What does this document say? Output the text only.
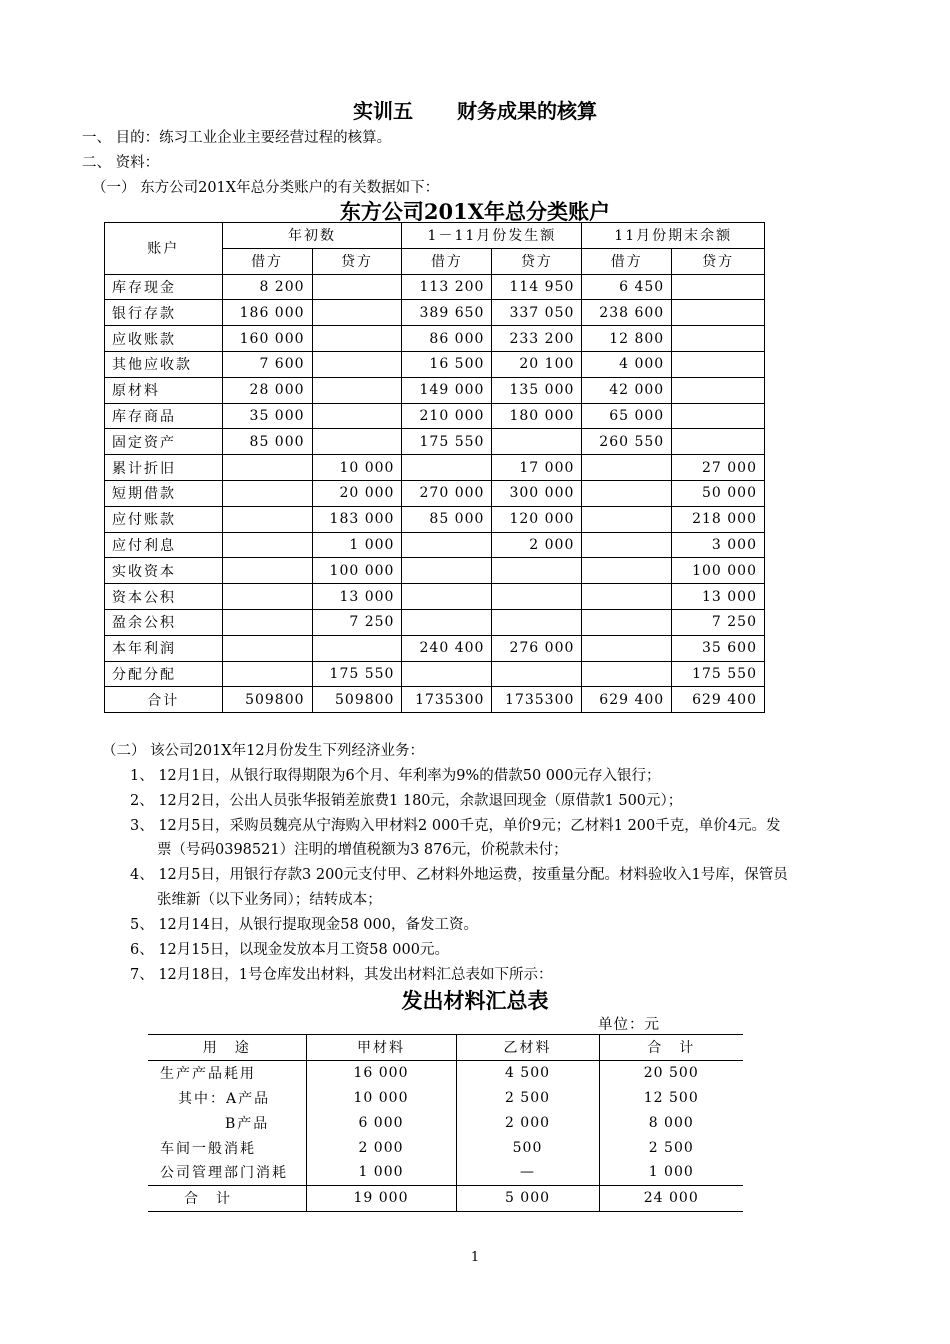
实训五 财务成果的核算
一、 目的：练习工业企业主要经营过程的核算。
二、 资料：
（一） 东方公司201X年总分类账户的有关数据如下：
东方公司201X年总分类账户
账户	年初数		1－11月份发生额		11月份期末余额	
	借方	贷方	借方	贷方	借方	贷方
库存现金	8 200		113 200	114 950	6 450	
银行存款	186 000		389 650	337 050	238 600	
应收账款	160 000		86 000	233 200	12 800	
其他应收款	7 600		16 500	20 100	4 000	
原材料	28 000		149 000	135 000	42 000	
库存商品	35 000		210 000	180 000	65 000	
固定资产	85 000		175 550		260 550	
累计折旧		10 000		17 000		27 000
短期借款		20 000	270 000	300 000		50 000
应付账款		183 000	85 000	120 000		218 000
应付利息		1 000		2 000		3 000
实收资本		100 000				100 000
资本公积		13 000				13 000
盈余公积		7 250				7 250
本年利润			240 400	276 000		35 600
分配分配		175 550				175 550
合计	509800	509800	1735300	1735300	629 400	629 400
（二） 该公司201X年12月份发生下列经济业务：
1、 12月1日，从银行取得期限为6个月、年利率为9%的借款50 000元存入银行；
2、 12月2日，公出人员张华报销差旅费1 180元，余款退回现金（原借款1 500元）；
3、 12月5日，采购员魏亮从宁海购入甲材料2 000千克，单价9元；乙材料1 200千克，单价4元。发
票（号码0398521）注明的增值税额为3 876元，价税款未付；
4、 12月5日，用银行存款3 200元支付甲、乙材料外地运费，按重量分配。材料验收入1号库，保管员
张维新（以下业务同）；结转成本；
5、 12月14日，从银行提取现金58 000，备发工资。
6、 12月15日，以现金发放本月工资58 000元。
7、 12月18日，1号仓库发出材料，其发出材料汇总表如下所示：
发出材料汇总表
单位：元
用　途	甲材料	乙材料	合　计
生产产品耗用	16 000	4 500	20 500
其中：A产品	10 000	2 500	12 500
B产品	6 000	2 000	8 000
车间一般消耗	2 000	500	2 500
公司管理部门消耗	1 000	—	1 000
合　计	19 000	5 000	24 000
1
